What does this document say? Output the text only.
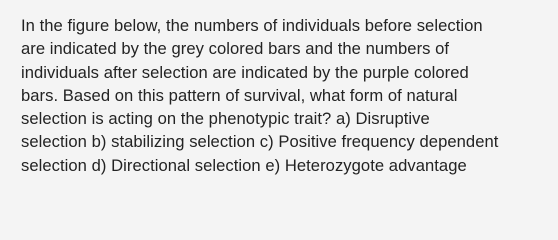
In the figure below, the numbers of individuals before selection
are indicated by the grey colored bars and the numbers of
individuals after selection are indicated by the purple colored
bars. Based on this pattern of survival, what form of natural
selection is acting on the phenotypic trait? a) Disruptive
selection b) stabilizing selection c) Positive frequency dependent
selection d) Directional selection e) Heterozygote advantage
